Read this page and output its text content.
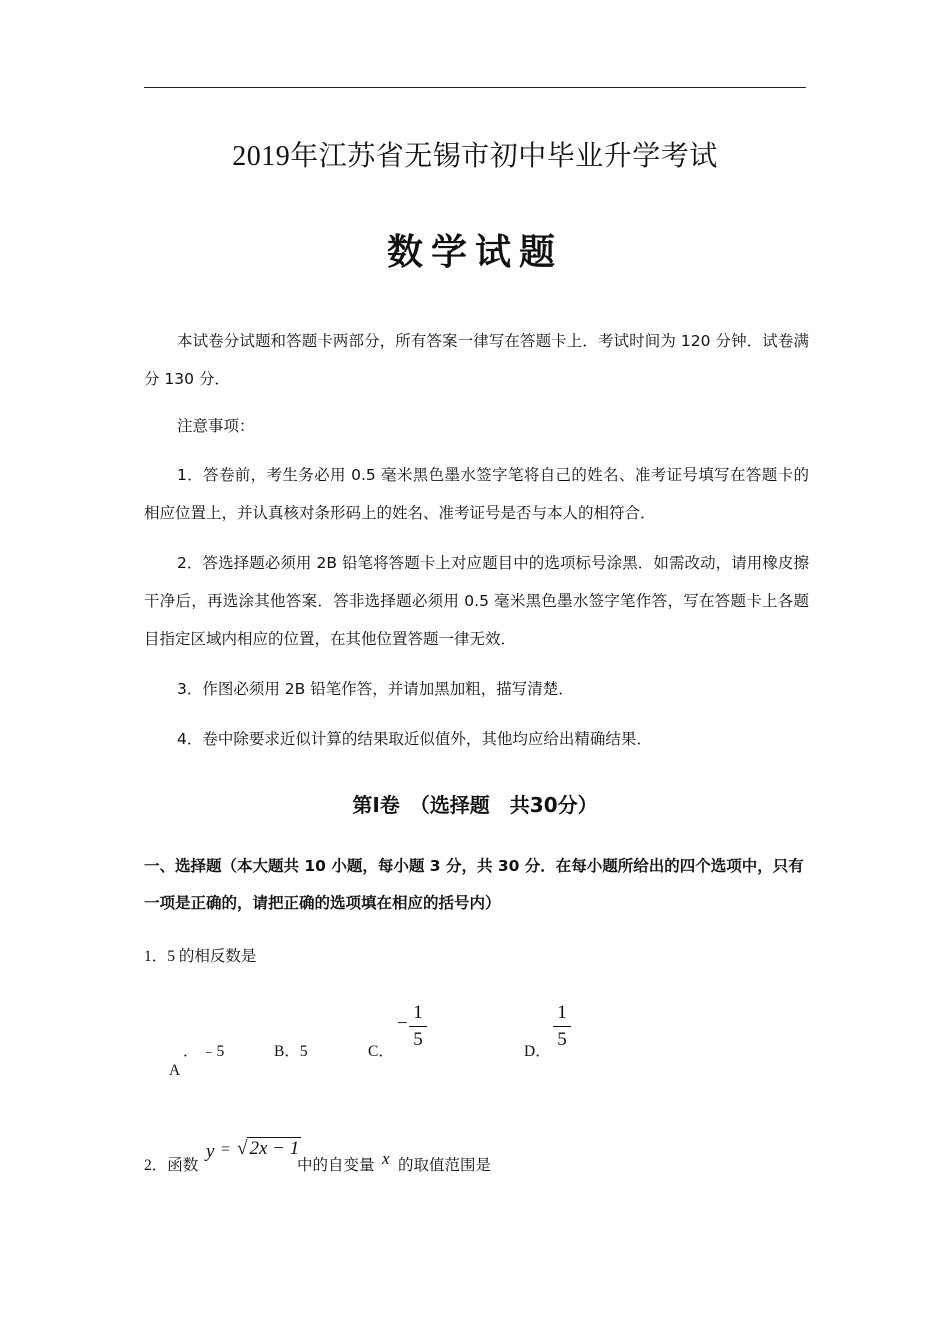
2019年江苏省无锡市初中毕业升学考试
数学试题
本试卷分试题和答题卡两部分，所有答案一律写在答题卡上．考试时间为 120 分钟．试卷满分 130 分．
注意事项：
1．答卷前，考生务必用 0.5 毫米黑色墨水签字笔将自己的姓名、准考证号填写在答题卡的相应位置上，并认真核对条形码上的姓名、准考证号是否与本人的相符合．
2．答选择题必须用 2B 铅笔将答题卡上对应题目中的选项标号涂黑．如需改动，请用橡皮擦干净后，再选涂其他答案．答非选择题必须用 0.5 毫米黑色墨水签字笔作答，写在答题卡上各题目指定区域内相应的位置，在其他位置答题一律无效．
3．作图必须用 2B 铅笔作答，并请加黑加粗，描写清楚．
4．卷中除要求近似计算的结果取近似值外，其他均应给出精确结果．
第Ⅰ卷　（选择题　共30分）
一、选择题（本大题共 10 小题，每小题 3 分，共 30 分．在每小题所给出的四个选项中，只有一项是正确的，请把正确的选项填在相应的括号内）
1．5 的相反数是
． ﹣5
A
B．5	C．
−
1
5
D．
1
5
2．函数
y = √ 2x − 1
中的自变量 x 的取值范围是
